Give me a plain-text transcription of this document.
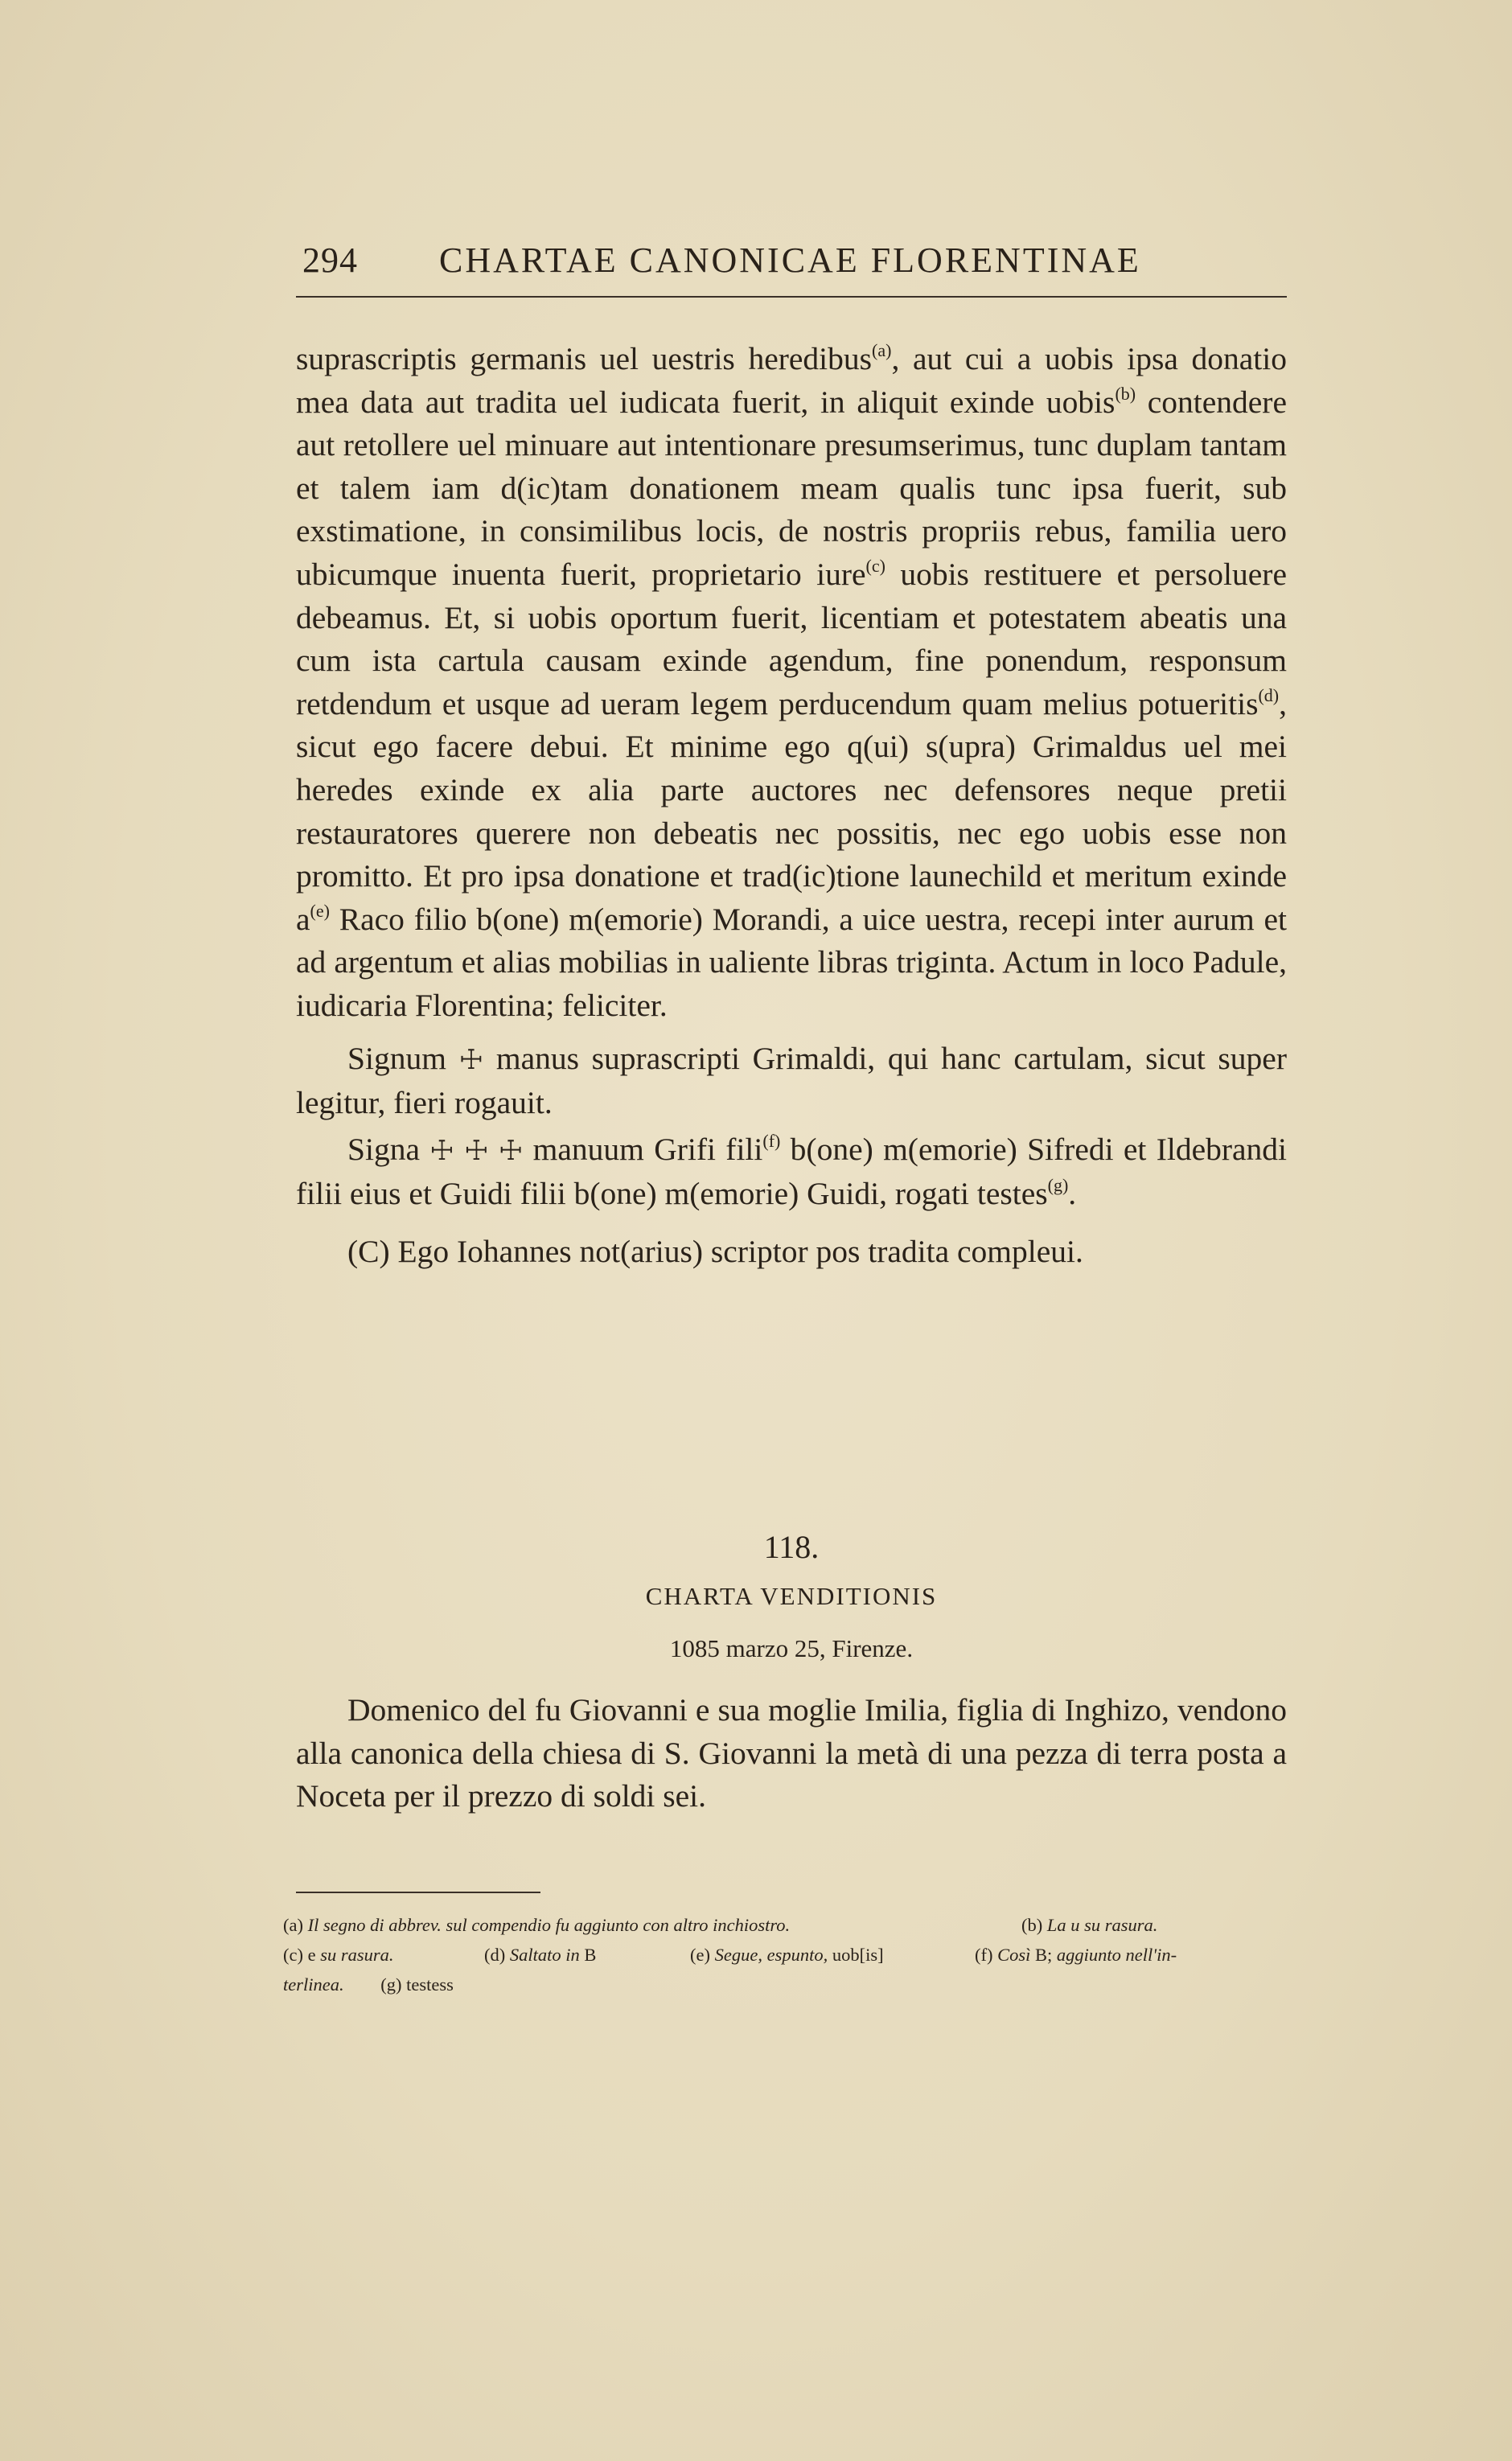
294 CHARTAE CANONICAE FLORENTINAE

suprascriptis germanis uel uestris heredibus$^{(a)}$, aut cui a uobis ipsa donatio mea data aut tradita uel iudicata fuerit, in aliquit exinde uobis$^{(b)}$ contendere aut retollere uel minuare aut intentionare presumserimus, tunc duplam tantam et talem iam d(ic)tam donationem meam qualis tunc ipsa fuerit, sub exstimatione, in consimilibus locis, de nostris propriis rebus, familia uero ubicumque inuenta fuerit, proprietario iure$^{(c)}$ uobis restituere et persoluere debeamus. Et, si uobis oportum fuerit, licentiam et potestatem abeatis una cum ista cartula causam exinde agendum, fine ponendum, responsum retdendum et usque ad ueram legem perducendum quam melius potueritis$^{(d)}$, sicut ego facere debui. Et minime ego q(ui) s(upra) Grimaldus uel mei heredes exinde ex alia parte auctores nec defensores neque pretii restauratores querere non debeatis nec possitis, nec ego uobis esse non promitto. Et pro ipsa donatione et trad(ic)tione launechild et meritum exinde $a^{(e)}$ Raco filio b(one) m(emorie) Morandi, a uice uestra, recepi inter aurum et ad argentum et alias mobilias in ualiente libras triginta. Actum in loco Padule, iudicaria Florentina; feliciter.

Signum ☩ manus suprascripti Grimaldi, qui hanc cartulam, sicut super legitur, fieri rogauit.

Signa ☩ ☩ ☩ manuum Grifi fili$^{(f)}$ b(one) m(emorie) Sifredi et Ildebrandi filii eius et Guidi filii b(one) m(emorie) Guidi, rogati testes$^{(g)}$.

(C) Ego Iohannes not(arius) scriptor pos tradita compleui.

118.
CHARTA VENDITIONIS
1085 marzo 25, Firenze.

Domenico del fu Giovanni e sua moglie Imilia, figlia di Inghizo, vendono alla canonica della chiesa di S. Giovanni la metà di una pezza di terra posta a Noceta per il prezzo di soldi sei.

(a) Il segno di abbrev. sul compendio fu aggiunto con altro inchiostro.	(b) La u su rasura.
(c) e su rasura.	(d) Saltato in B	(e) Segue, espunto, uob[is]	(f) Così B; aggiunto nell'in-
terlinea. (g) testess
